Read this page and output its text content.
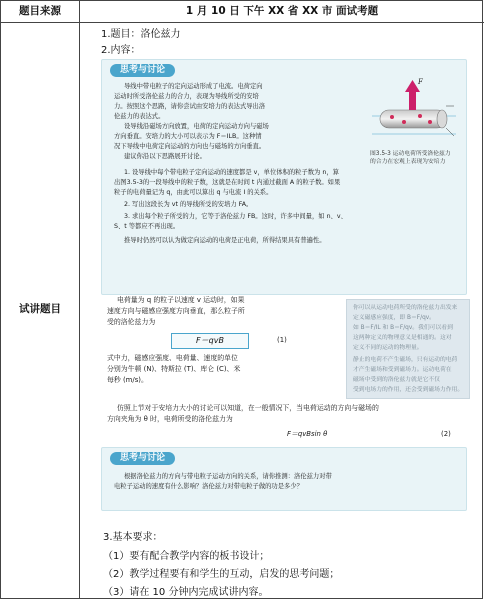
题目来源	1 月 10 日 下午 XX 省 XX 市 面试考题
试讲题目
1.题目：洛伦兹力
2.内容：
思考与讨论
导线中带电粒子的定向运动形成了电流。电荷定向
运动时所受洛伦兹力的合力，表现为导线所受的安培
力。按照这个思路，请你尝试由安培力的表达式导出洛
伦兹力的表达式。
设导线沿磁场方向放置，电荷的定向运动方向与磁场
方向垂直。安培力的大小可以表示为 F＝ILB。这种情
况下导线中电荷定向运动的方向也与磁场的方向垂直。
建议你沿以下思路展开讨论。
F
图3.5-3 运动电荷所受洛伦兹力
的合力在宏观上表现为安培力
1. 设导线中每个带电粒子定向运动的速度都是 v，单位体积的粒子数为 n，算
出图3.5-3的一段导线中的粒子数，这就是在时间 t 内通过截面 A 的粒子数。如果
粒子的电荷量记为 q，由此可以算出 q 与电流 I 的关系。
2. 写出这段长为 vt 的导线所受的安培力 FA。
3. 求出每个粒子所受的力，它等于洛伦兹力 FB。这时，许多中间量，如 n、v、
S、t 等都应不再出现。
推导时仍然可以认为做定向运动的电荷是正电荷，所得结果具有普遍性。
电荷量为 q 的粒子以速度 v 运动时，如果
速度方向与磁感应强度方向垂直，那么粒子所
受的洛伦兹力为
F＝qvB	(1)
式中力，磁感应强度、电荷量、速度的单位
分别为牛顿 (N)、特斯拉 (T)、库仑 (C)、米
每秒 (m/s)。
你可以从运动电荷所受的洛伦兹力出发来
定义磁感应强度，即 B＝F/qv。
如 B＝F/IL 和 B＝F/qv。我们可以看到
这两种定义的物理意义是相通的。这对
定义不同的运动的物理量。
静止的电荷不产生磁场，只有运动的电荷
才产生磁场和受到磁场力。运动电荷在
磁场中受到的洛伦兹力就是它不仅
受到电场力的作用，还会受到磁场力作用。
仿照上节对于安培力大小的讨论可以知道，在一般情况下，当电荷运动的方向与磁场的
方向夹角为 θ 时，电荷所受的洛伦兹力为
F＝qvBsin θ	(2)
思考与讨论
根据洛伦兹力的方向与带电粒子运动方向的关系，请你推测：洛伦兹力对带
电粒子运动的速度有什么影响？洛伦兹力对带电粒子做的功是多少？
3.基本要求：
（1）要有配合教学内容的板书设计；
（2）教学过程要有和学生的互动，启发的思考问题；
（3）请在 10 分钟内完成试讲内容。
